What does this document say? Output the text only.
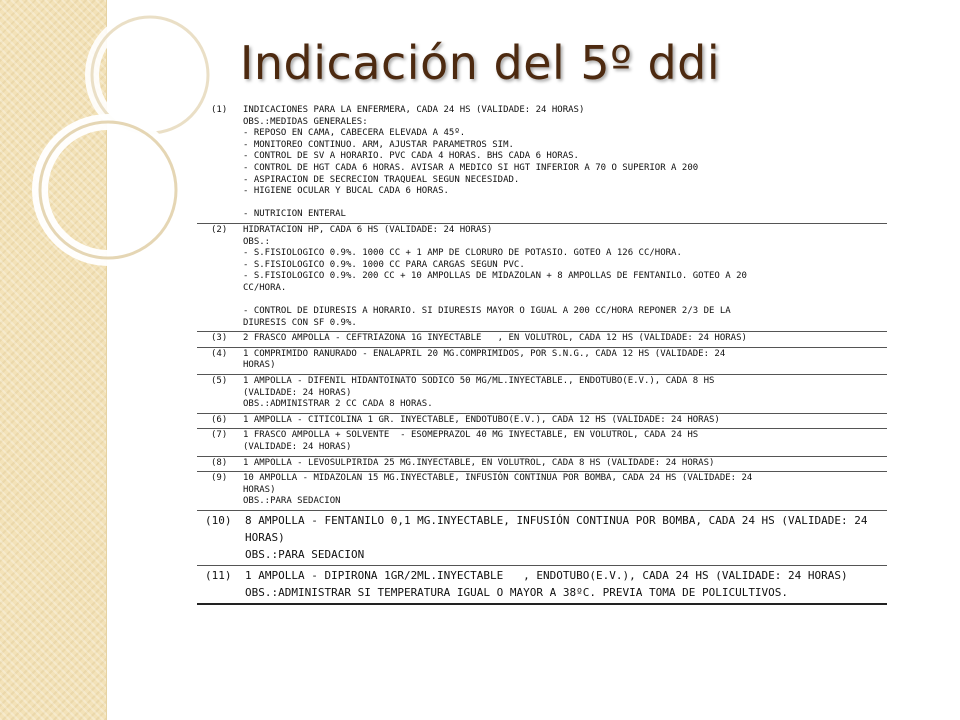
Indicación del 5º ddi
(1)	INDICACIONES PARA LA ENFERMERA, CADA 24 HS (VALIDADE: 24 HORAS)
OBS.:MEDIDAS GENERALES:
- REPOSO EN CAMA, CABECERA ELEVADA A 45º.
- MONITOREO CONTINUO. ARM, AJUSTAR PARAMETROS SIM.
- CONTROL DE SV A HORARIO. PVC CADA 4 HORAS. BHS CADA 6 HORAS.
- CONTROL DE HGT CADA 6 HORAS. AVISAR A MEDICO SI HGT INFERIOR A 70 O SUPERIOR A 200
- ASPIRACION DE SECRECION TRAQUEAL SEGUN NECESIDAD.
- HIGIENE OCULAR Y BUCAL CADA 6 HORAS.

- NUTRICION ENTERAL
(2)	HIDRATACION HP, CADA 6 HS (VALIDADE: 24 HORAS)
OBS.:
- S.FISIOLOGICO 0.9%. 1000 CC + 1 AMP DE CLORURO DE POTASIO. GOTEO A 126 CC/HORA.
- S.FISIOLOGICO 0.9%. 1000 CC PARA CARGAS SEGUN PVC.
- S.FISIOLOGICO 0.9%. 200 CC + 10 AMPOLLAS DE MIDAZOLAN + 8 AMPOLLAS DE FENTANILO. GOTEO A 20
CC/HORA.

- CONTROL DE DIURESIS A HORARIO. SI DIURESIS MAYOR O IGUAL A 200 CC/HORA REPONER 2/3 DE LA
DIURESIS CON SF 0.9%.
(3)	2 FRASCO AMPOLLA - CEFTRIAZONA 1G INYECTABLE   , EN VOLUTROL, CADA 12 HS (VALIDADE: 24 HORAS)
(4)	1 COMPRIMIDO RANURADO - ENALAPRIL 20 MG.COMPRIMIDOS, POR S.N.G., CADA 12 HS (VALIDADE: 24
HORAS)
(5)	1 AMPOLLA - DIFENIL HIDANTOINATO SODICO 50 MG/ML.INYECTABLE., ENDOTUBO(E.V.), CADA 8 HS
(VALIDADE: 24 HORAS)
OBS.:ADMINISTRAR 2 CC CADA 8 HORAS.
(6)	1 AMPOLLA - CITICOLINA 1 GR. INYECTABLE, ENDOTUBO(E.V.), CADA 12 HS (VALIDADE: 24 HORAS)
(7)	1 FRASCO AMPOLLA + SOLVENTE  - ESOMEPRAZOL 40 MG INYECTABLE, EN VOLUTROL, CADA 24 HS
(VALIDADE: 24 HORAS)
(8)	1 AMPOLLA - LEVOSULPIRIDA 25 MG.INYECTABLE, EN VOLUTROL, CADA 8 HS (VALIDADE: 24 HORAS)
(9)	10 AMPOLLA - MIDAZOLAN 15 MG.INYECTABLE, INFUSIÓN CONTINUA POR BOMBA, CADA 24 HS (VALIDADE: 24
HORAS)
OBS.:PARA SEDACION
(10)	8 AMPOLLA - FENTANILO 0,1 MG.INYECTABLE, INFUSIÓN CONTINUA POR BOMBA, CADA 24 HS (VALIDADE: 24
HORAS)
OBS.:PARA SEDACION
(11)	1 AMPOLLA - DIPIRONA 1GR/2ML.INYECTABLE   , ENDOTUBO(E.V.), CADA 24 HS (VALIDADE: 24 HORAS)
OBS.:ADMINISTRAR SI TEMPERATURA IGUAL O MAYOR A 38ºC. PREVIA TOMA DE POLICULTIVOS.
